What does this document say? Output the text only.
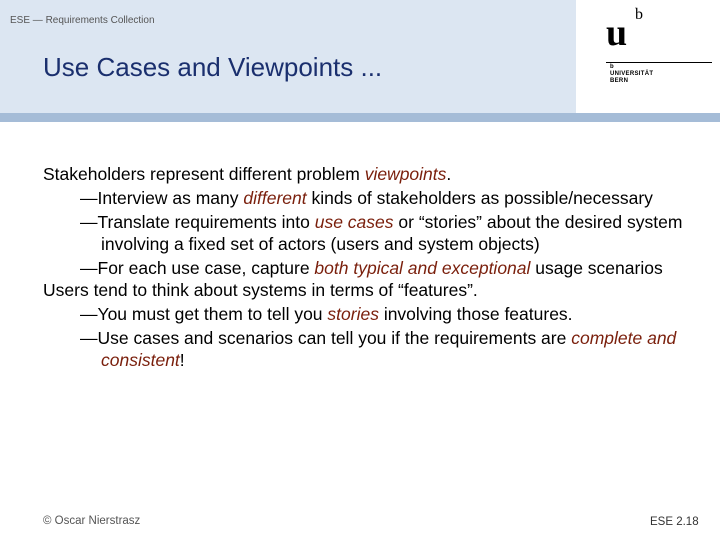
ESE — Requirements Collection
Use Cases and Viewpoints ...
u b
b
UNIVERSITÄT
BERN

Stakeholders represent different problem viewpoints.

—Interview as many different kinds of stakeholders as possible/necessary

—Translate requirements into use cases or “stories” about the desired system involving a fixed set of actors (users and system objects)

—For each use case, capture both typical and exceptional usage scenarios

Users tend to think about systems in terms of “features”.

—You must get them to tell you stories involving those features.

—Use cases and scenarios can tell you if the requirements are complete and consistent!

© Oscar Nierstrasz	ESE 2.18
